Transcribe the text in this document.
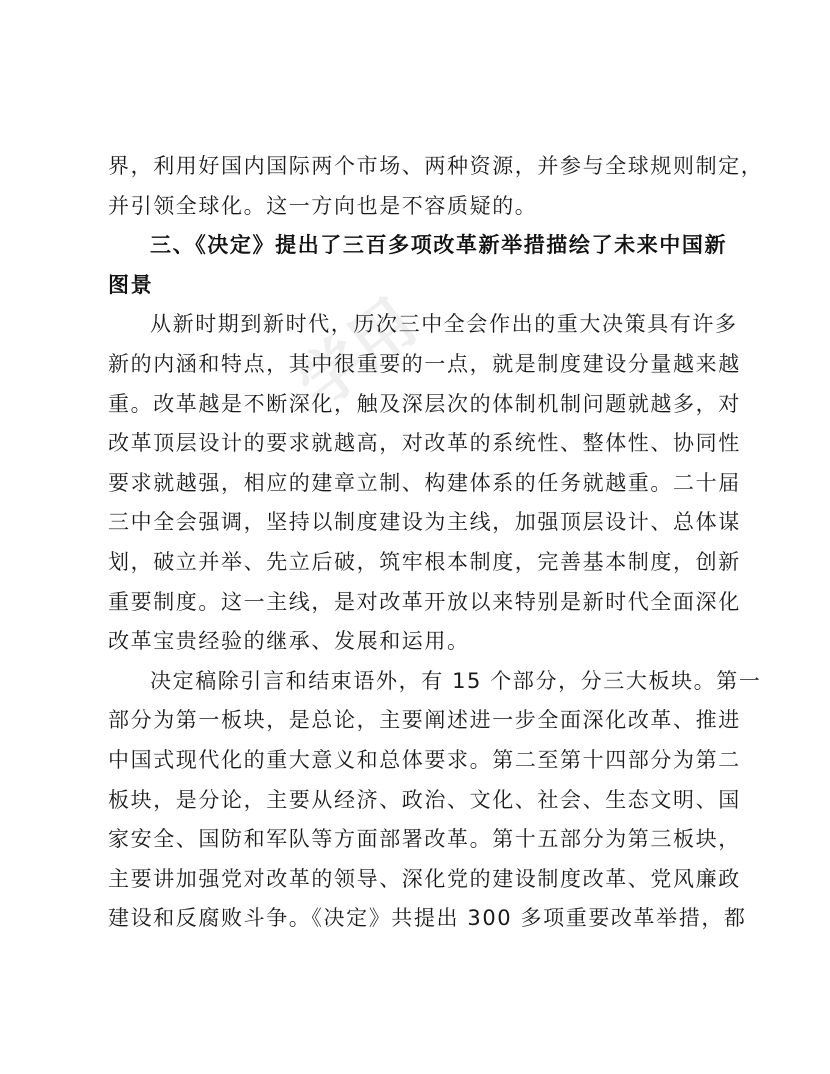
学用
界，利用好国内国际两个市场、两种资源，并参与全球规则制定，
并引领全球化。这一方向也是不容质疑的。
三、《决定》提出了三百多项改革新举措描绘了未来中国新
图景
从新时期到新时代，历次三中全会作出的重大决策具有许多
新的内涵和特点，其中很重要的一点，就是制度建设分量越来越
重。改革越是不断深化，触及深层次的体制机制问题就越多，对
改革顶层设计的要求就越高，对改革的系统性、整体性、协同性
要求就越强，相应的建章立制、构建体系的任务就越重。二十届
三中全会强调，坚持以制度建设为主线，加强顶层设计、总体谋
划，破立并举、先立后破，筑牢根本制度，完善基本制度，创新
重要制度。这一主线，是对改革开放以来特别是新时代全面深化
改革宝贵经验的继承、发展和运用。
决定稿除引言和结束语外，有 15 个部分，分三大板块。第一
部分为第一板块，是总论，主要阐述进一步全面深化改革、推进
中国式现代化的重大意义和总体要求。第二至第十四部分为第二
板块，是分论，主要从经济、政治、文化、社会、生态文明、国
家安全、国防和军队等方面部署改革。第十五部分为第三板块，
主要讲加强党对改革的领导、深化党的建设制度改革、党风廉政
建设和反腐败斗争。《决定》共提出 300 多项重要改革举措，都
